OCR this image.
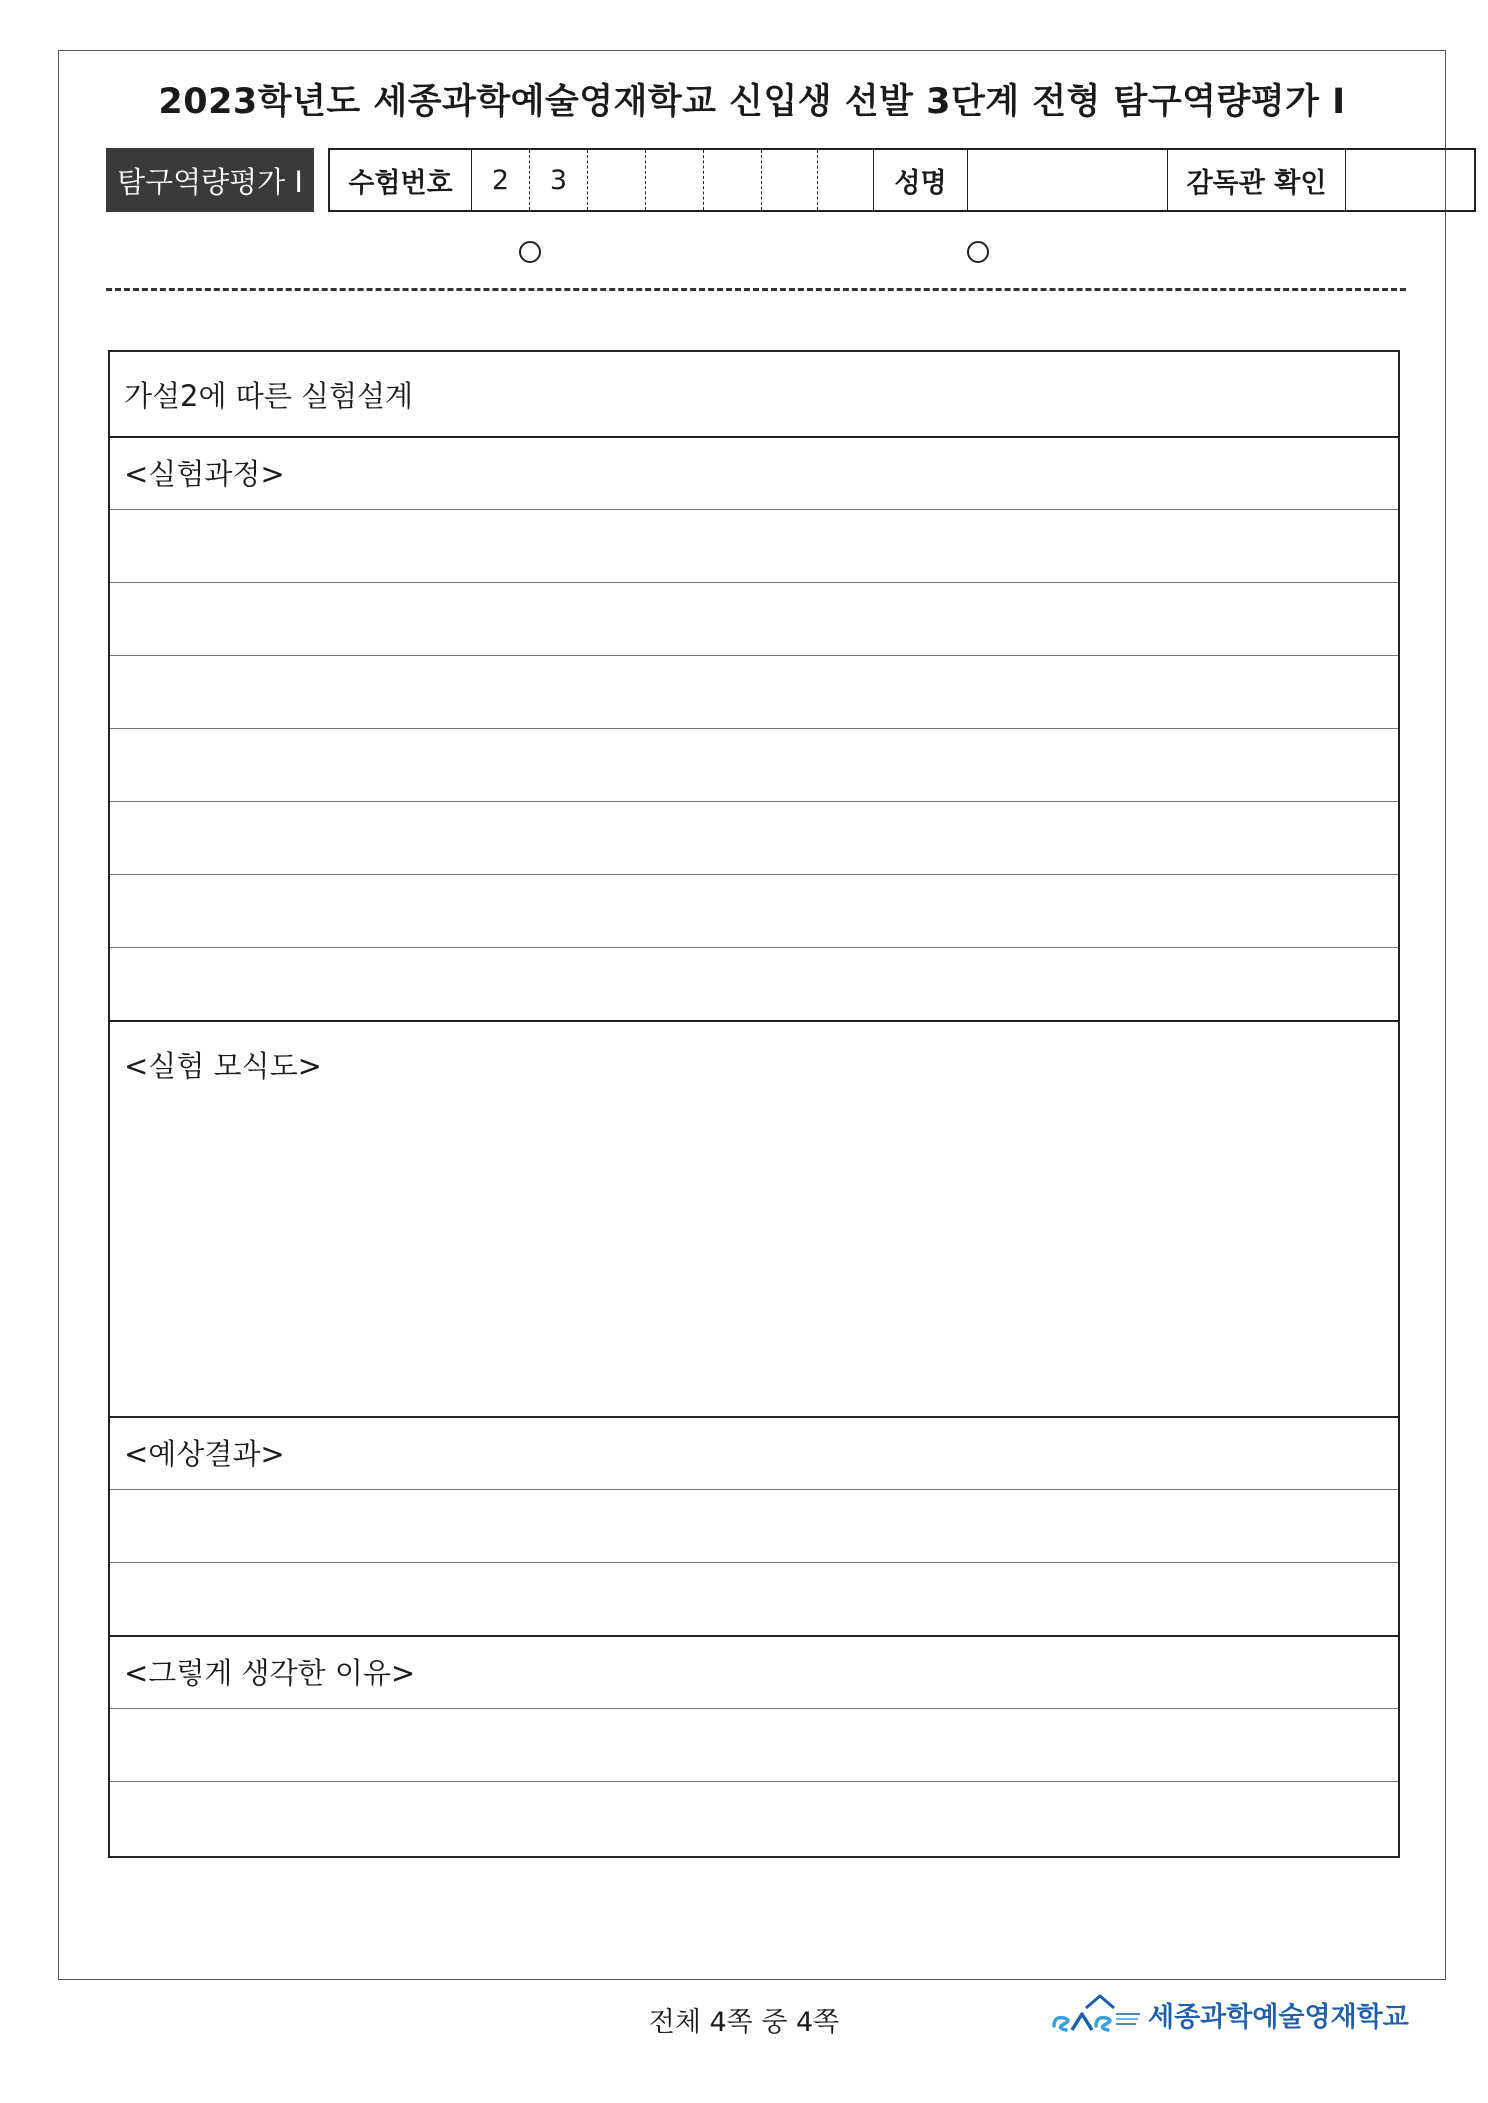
2023학년도 세종과학예술영재학교 신입생 선발 3단계 전형 탐구역량평가 I
탐구역량평가 I	수험번호	2	3	성명	감독관 확인
가설2에 따른 실험설계
<실험과정>
<실험 모식도>
<예상결과>
<그렇게 생각한 이유>
전체 4쪽 중 4쪽	세종과학예술영재학교
